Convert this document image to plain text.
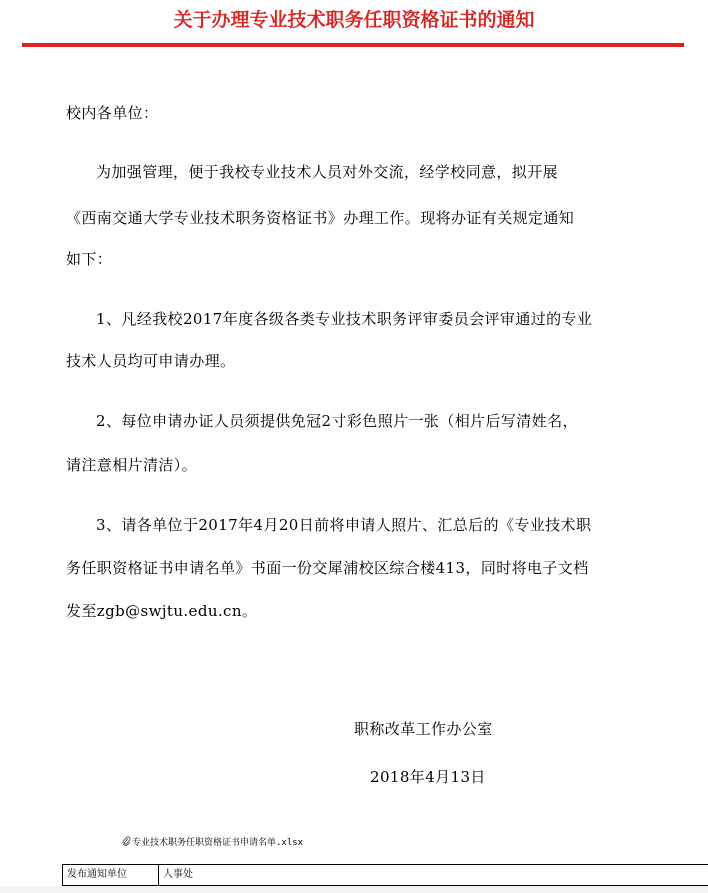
关于办理专业技术职务任职资格证书的通知
校内各单位：
为加强管理，便于我校专业技术人员对外交流，经学校同意，拟开展
《西南交通大学专业技术职务资格证书》办理工作。现将办证有关规定通知
如下：
1、凡经我校2017年度各级各类专业技术职务评审委员会评审通过的专业
技术人员均可申请办理。
2、每位申请办证人员须提供免冠2寸彩色照片一张（相片后写清姓名，
请注意相片清洁）。
3、请各单位于2017年4月20日前将申请人照片、汇总后的《专业技术职
务任职资格证书申请名单》书面一份交犀浦校区综合楼413，同时将电子文档
发至zgb@swjtu.edu.cn。
职称改革工作办公室
2018年4月13日
专业技术职务任职资格证书申请名单.xlsx
发布通知单位	人事处
